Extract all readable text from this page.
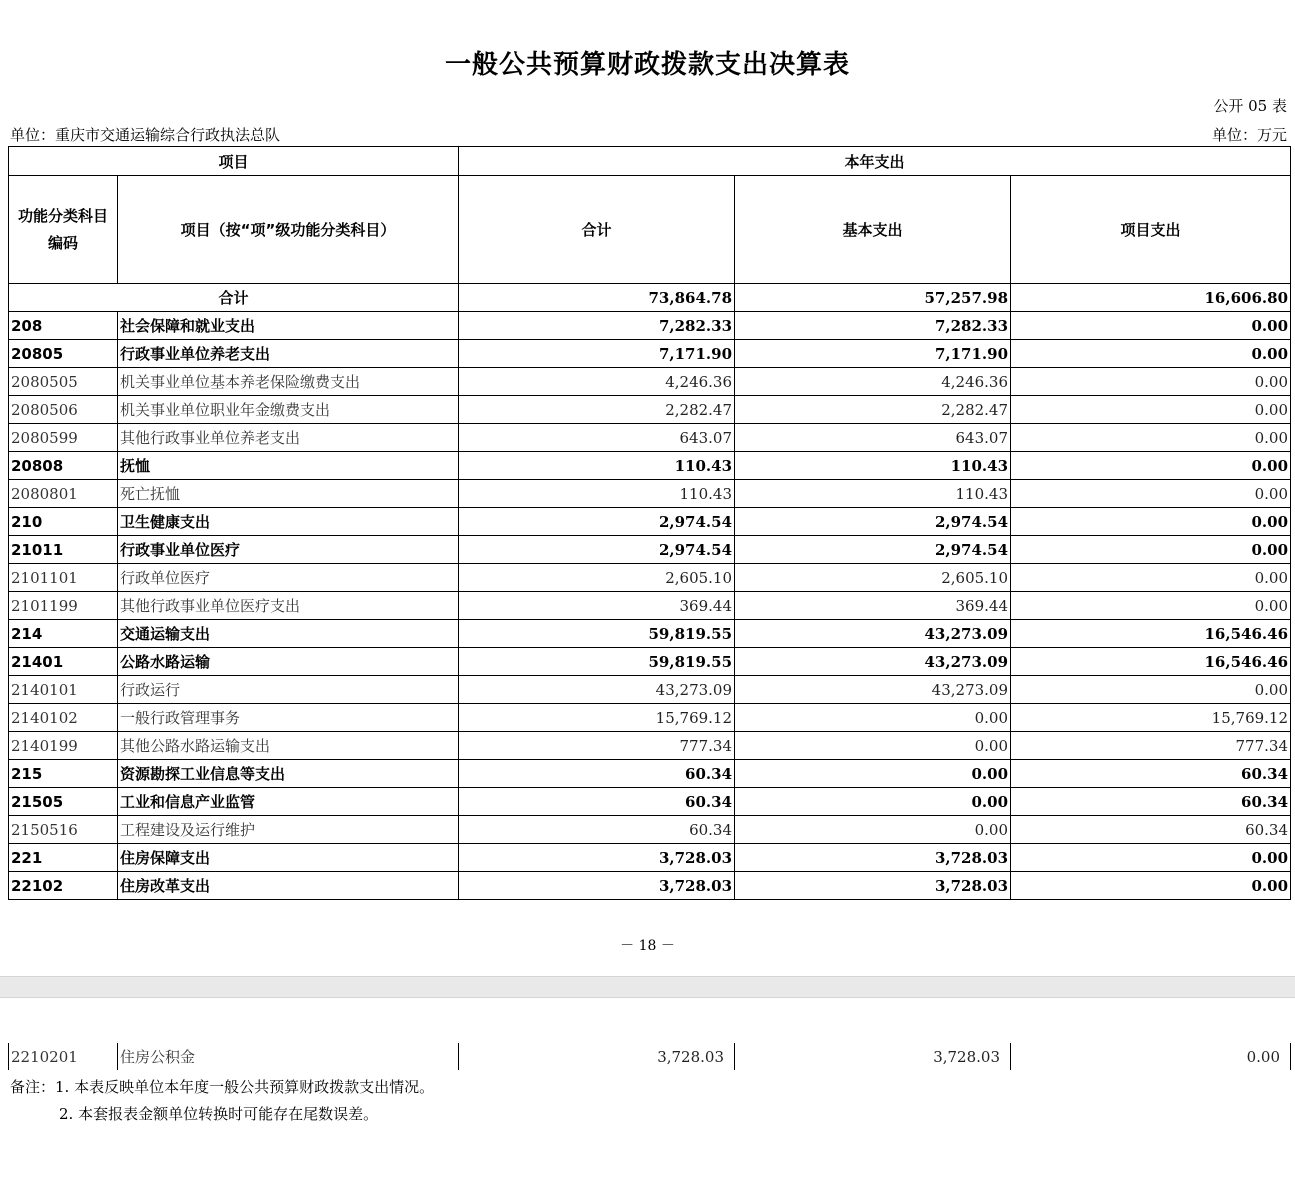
一般公共预算财政拨款支出决算表
公开 05 表
单位：重庆市交通运输综合行政执法总队	单位：万元
项目		本年支出		
功能分类科目编码	项目（按“项”级功能分类科目）	合计	基本支出	项目支出
合计		73,864.78	57,257.98	16,606.80
208	社会保障和就业支出	7,282.33	7,282.33	0.00
20805	行政事业单位养老支出	7,171.90	7,171.90	0.00
2080505	机关事业单位基本养老保险缴费支出	4,246.36	4,246.36	0.00
2080506	机关事业单位职业年金缴费支出	2,282.47	2,282.47	0.00
2080599	其他行政事业单位养老支出	643.07	643.07	0.00
20808	抚恤	110.43	110.43	0.00
2080801	死亡抚恤	110.43	110.43	0.00
210	卫生健康支出	2,974.54	2,974.54	0.00
21011	行政事业单位医疗	2,974.54	2,974.54	0.00
2101101	行政单位医疗	2,605.10	2,605.10	0.00
2101199	其他行政事业单位医疗支出	369.44	369.44	0.00
214	交通运输支出	59,819.55	43,273.09	16,546.46
21401	公路水路运输	59,819.55	43,273.09	16,546.46
2140101	行政运行	43,273.09	43,273.09	0.00
2140102	一般行政管理事务	15,769.12	0.00	15,769.12
2140199	其他公路水路运输支出	777.34	0.00	777.34
215	资源勘探工业信息等支出	60.34	0.00	60.34
21505	工业和信息产业监管	60.34	0.00	60.34
2150516	工程建设及运行维护	60.34	0.00	60.34
221	住房保障支出	3,728.03	3,728.03	0.00
22102	住房改革支出	3,728.03	3,728.03	0.00
－ 18 －
2210201	住房公积金	3,728.03	3,728.03	0.00
备注：1. 本表反映单位本年度一般公共预算财政拨款支出情况。
2. 本套报表金额单位转换时可能存在尾数误差。
